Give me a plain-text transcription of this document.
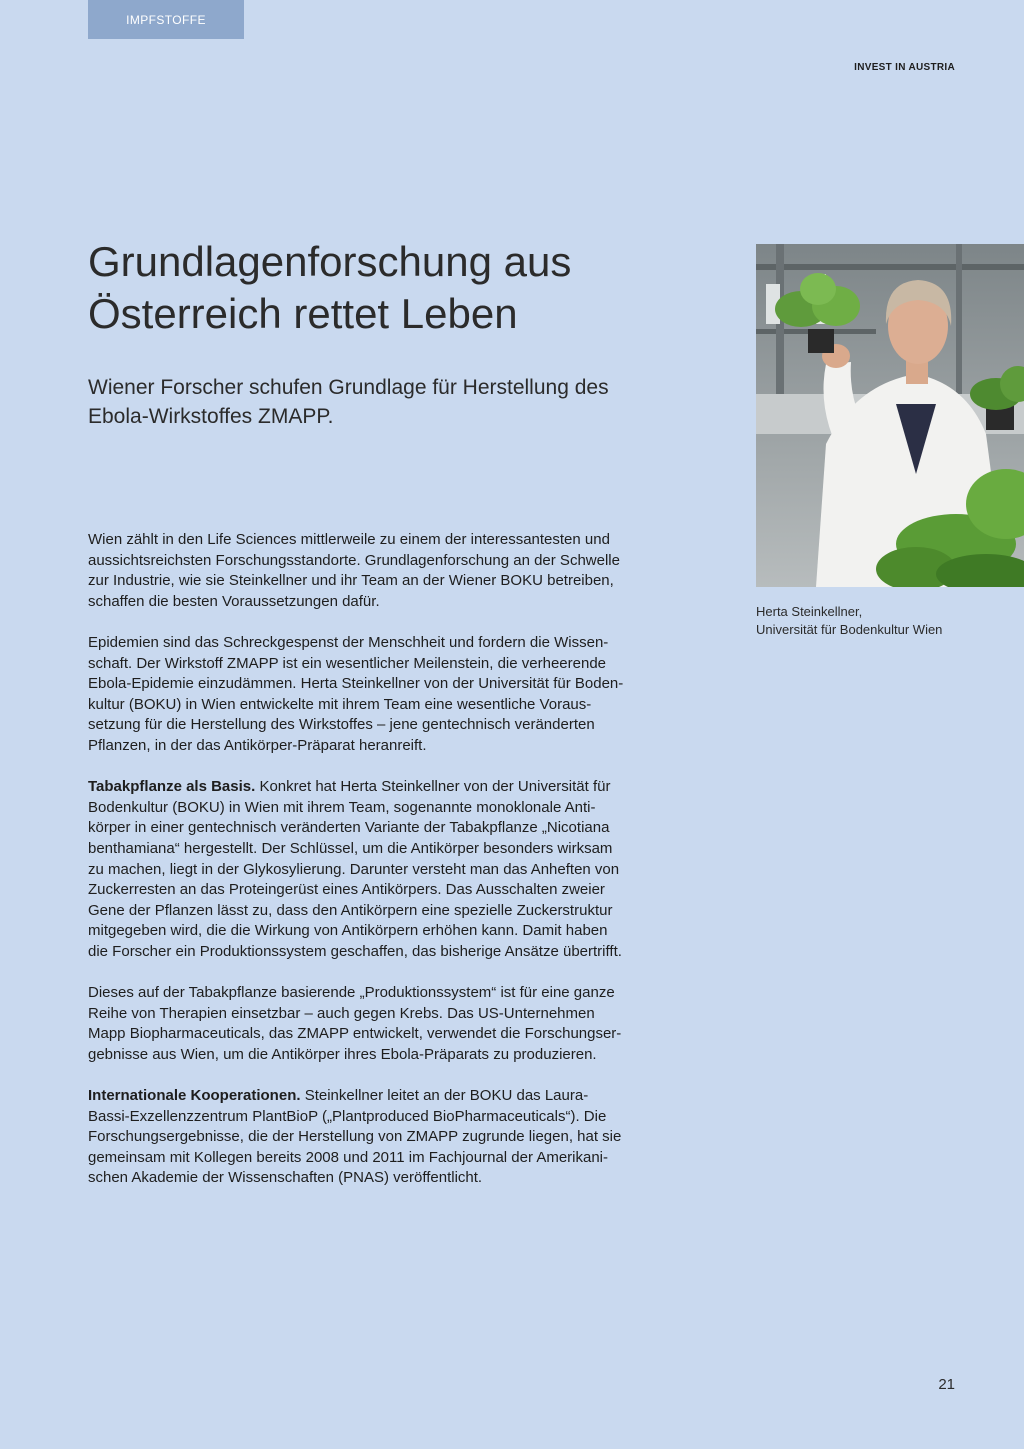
IMPFSTOFFE
INVEST IN AUSTRIA
Grundlagenforschung aus
Österreich rettet Leben
Wiener Forscher schufen Grundlage für Herstellung des
Ebola-Wirkstoffes ZMAPP.

Wien zählt in den Life Sciences mittlerweile zu einem der interessantesten und
aussichtsreichsten Forschungsstandorte. Grundlagenforschung an der Schwelle
zur Industrie, wie sie Steinkellner und ihr Team an der Wiener BOKU betreiben,
schaffen die besten Voraussetzungen dafür.

Epidemien sind das Schreckgespenst der Menschheit und fordern die Wissen-
schaft. Der Wirkstoff ZMAPP ist ein wesentlicher Meilenstein, die verheerende
Ebola-Epidemie einzudämmen. Herta Steinkellner von der Universität für Boden-
kultur (BOKU) in Wien entwickelte mit ihrem Team eine wesentliche Voraus-
setzung für die Herstellung des Wirkstoffes – jene gentechnisch veränderten
Pflanzen, in der das Antikörper-Präparat heranreift.

Tabakpflanze als Basis. Konkret hat Herta Steinkellner von der Universität für
Bodenkultur (BOKU) in Wien mit ihrem Team, sogenannte monoklonale Anti-
körper in einer gentechnisch veränderten Variante der Tabakpflanze „Nicotiana
benthamiana“ hergestellt. Der Schlüssel, um die Antikörper besonders wirksam
zu machen, liegt in der Glykosylierung. Darunter versteht man das Anheften von
Zuckerresten an das Proteingerüst eines Antikörpers. Das Ausschalten zweier
Gene der Pflanzen lässt zu, dass den Antikörpern eine spezielle Zuckerstruktur
mitgegeben wird, die die Wirkung von Antikörpern erhöhen kann. Damit haben
die Forscher ein Produktionssystem geschaffen, das bisherige Ansätze übertrifft.

Dieses auf der Tabakpflanze basierende „Produktionssystem“ ist für eine ganze
Reihe von Therapien einsetzbar – auch gegen Krebs. Das US-Unternehmen
Mapp Biopharmaceuticals, das ZMAPP entwickelt, verwendet die Forschungser-
gebnisse aus Wien, um die Antikörper ihres Ebola-Präparats zu produzieren.

Internationale Kooperationen. Steinkellner leitet an der BOKU das Laura-
Bassi-Exzellenzzentrum PlantBioP („Plantproduced BioPharmaceuticals“). Die
Forschungsergebnisse, die der Herstellung von ZMAPP zugrunde liegen, hat sie
gemeinsam mit Kollegen bereits 2008 und 2011 im Fachjournal der Amerikani-
schen Akademie der Wissenschaften (PNAS) veröffentlicht.

Herta Steinkellner,
Universität für Bodenkultur Wien
21
